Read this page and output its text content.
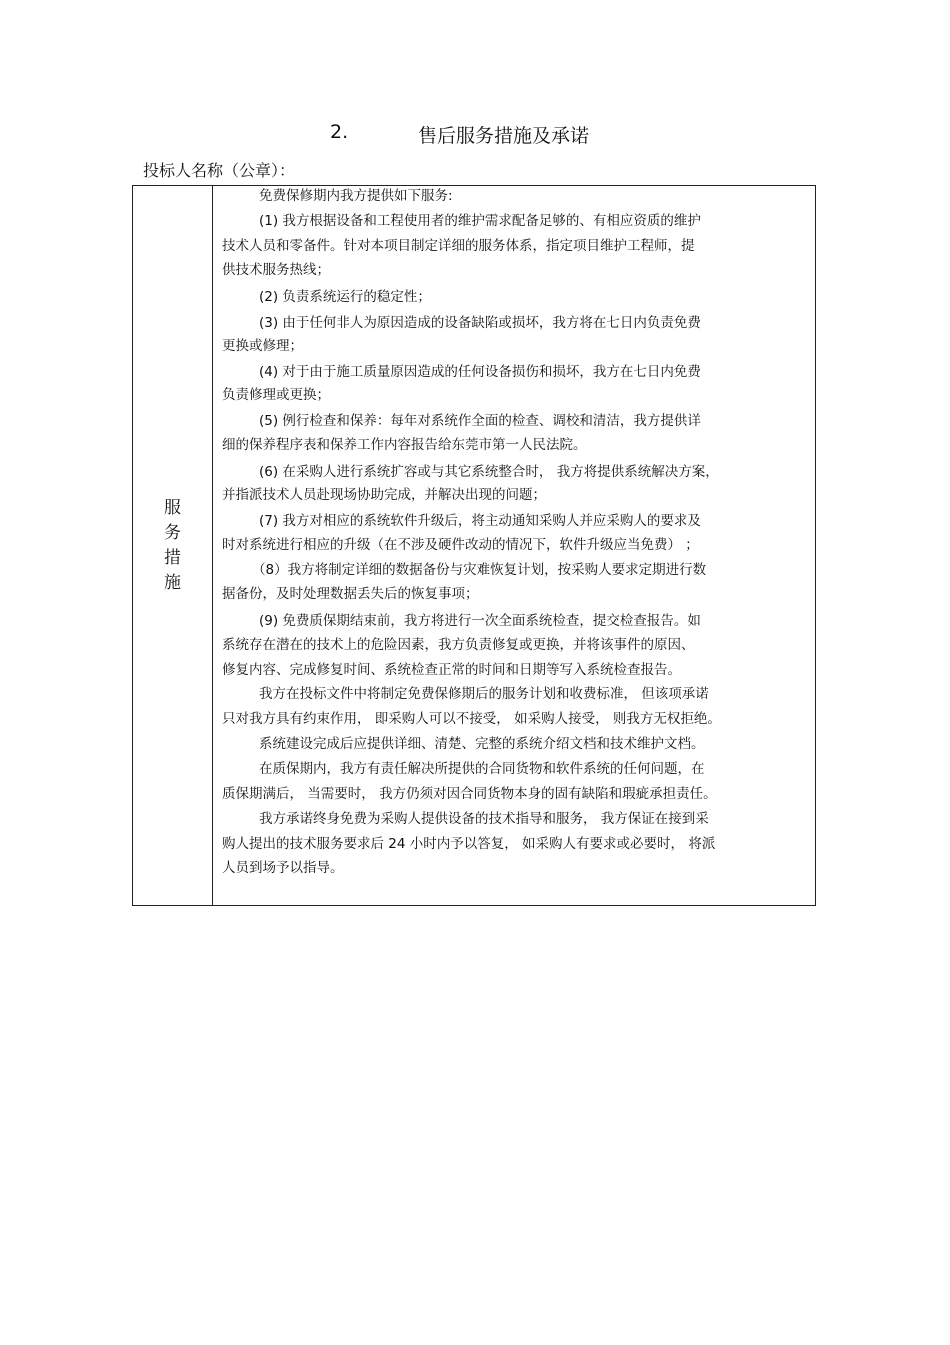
2.	售后服务措施及承诺
投标人名称（公章）：
服
务
措
施
免费保修期内我方提供如下服务:
(1) 我方根据设备和工程使用者的维护需求配备足够的、有相应资质的维护
技术人员和零备件。针对本项目制定详细的服务体系，指定项目维护工程师，提
供技术服务热线；
(2) 负责系统运行的稳定性；
(3) 由于任何非人为原因造成的设备缺陷或损坏，我方将在七日内负责免费
更换或修理；
(4) 对于由于施工质量原因造成的任何设备损伤和损坏，我方在七日内免费
负责修理或更换；
(5) 例行检查和保养：每年对系统作全面的检查、调校和清洁，我方提供详
细的保养程序表和保养工作内容报告给东莞市第一人民法院。
(6) 在采购人进行系统扩容或与其它系统整合时， 我方将提供系统解决方案，
并指派技术人员赴现场协助完成，并解决出现的问题；
(7) 我方对相应的系统软件升级后，将主动通知采购人并应采购人的要求及
时对系统进行相应的升级（在不涉及硬件改动的情况下，软件升级应当免费） ；
（8）我方将制定详细的数据备份与灾难恢复计划，按采购人要求定期进行数
据备份，及时处理数据丢失后的恢复事项；
(9) 免费质保期结束前，我方将进行一次全面系统检查，提交检查报告。如
系统存在潜在的技术上的危险因素，我方负责修复或更换，并将该事件的原因、
修复内容、完成修复时间、系统检查正常的时间和日期等写入系统检查报告。
我方在投标文件中将制定免费保修期后的服务计划和收费标准， 但该项承诺
只对我方具有约束作用， 即采购人可以不接受， 如采购人接受， 则我方无权拒绝。
系统建设完成后应提供详细、清楚、完整的系统介绍文档和技术维护文档。
在质保期内，我方有责任解决所提供的合同货物和软件系统的任何问题，在
质保期满后， 当需要时， 我方仍须对因合同货物本身的固有缺陷和瑕疵承担责任。
我方承诺终身免费为采购人提供设备的技术指导和服务， 我方保证在接到采
购人提出的技术服务要求后 24 小时内予以答复， 如采购人有要求或必要时， 将派
人员到场予以指导。
